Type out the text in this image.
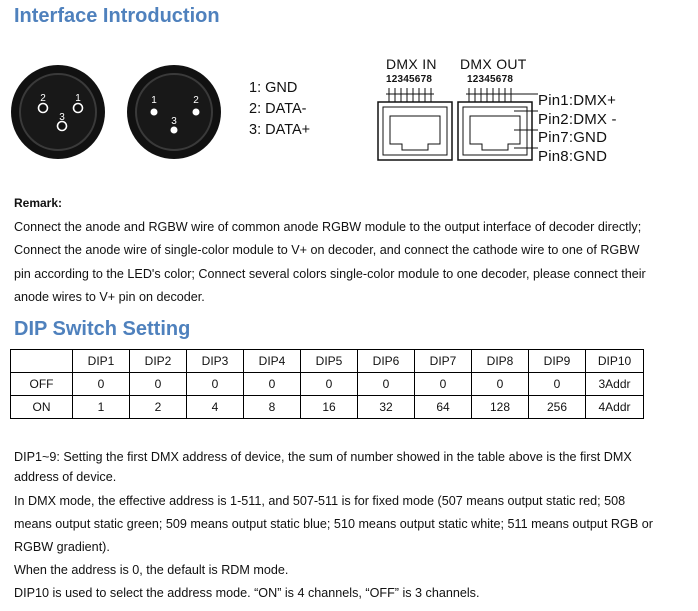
Interface Introduction
2	1
3
1	2
3
1: GND
2: DATA-
3: DATA+
DMX IN DMX OUT
12345678	12345678
Pin1:DMX+
Pin2:DMX -
Pin7:GND
Pin8:GND
Remark:
Connect the anode and RGBW wire of common anode RGBW module to the output interface of decoder directly;
Connect the anode wire of single-color module to V+ on decoder, and connect the cathode wire to one of RGBW
pin according to the LED's color; Connect several colors single-color module to one decoder, please connect their
anode wires to V+ pin on decoder.
DIP Switch Setting
	DIP1	DIP2	DIP3	DIP4	DIP5	DIP6	DIP7	DIP8	DIP9	DIP10
OFF	0	0	0	0	0	0	0	0	0	3Addr
ON	1	2	4	8	16	32	64	128	256	4Addr
DIP1~9: Setting the first DMX address of device, the sum of number showed in the table above is the first DMX
address of device.
In DMX mode, the effective address is 1-511, and 507-511 is for fixed mode (507 means output static red; 508
means output static green; 509 means output static blue; 510 means output static white; 511 means output RGB or
RGBW gradient).
When the address is 0, the default is RDM mode.
DIP10 is used to select the address mode. “ON” is 4 channels, “OFF” is 3 channels.
